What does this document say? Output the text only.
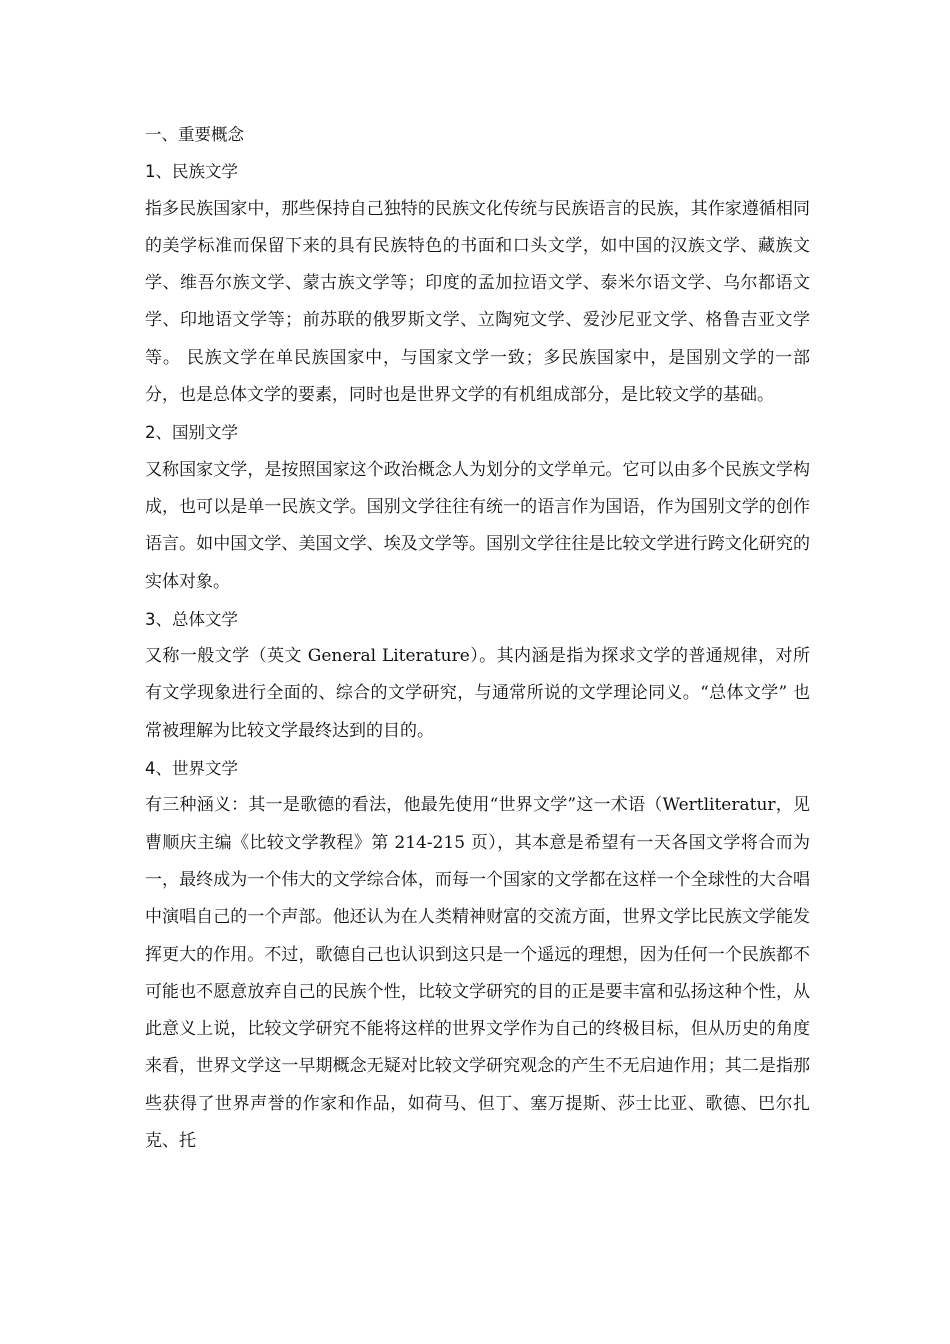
一、重要概念

1、民族文学

指多民族国家中，那些保持自己独特的民族文化传统与民族语言的民族，其作家遵循相同的美学标准而保留下来的具有民族特色的书面和口头文学，如中国的汉族文学、藏族文学、维吾尔族文学、蒙古族文学等；印度的孟加拉语文学、泰米尔语文学、乌尔都语文学、印地语文学等；前苏联的俄罗斯文学、立陶宛文学、爱沙尼亚文学、格鲁吉亚文学等。 民族文学在单民族国家中，与国家文学一致；多民族国家中，是国别文学的一部分，也是总体文学的要素，同时也是世界文学的有机组成部分，是比较文学的基础。

2、国别文学

又称国家文学，是按照国家这个政治概念人为划分的文学单元。它可以由多个民族文学构成，也可以是单一民族文学。国别文学往往有统一的语言作为国语，作为国别文学的创作语言。如中国文学、美国文学、埃及文学等。国别文学往往是比较文学进行跨文化研究的实体对象。

3、总体文学

又称一般文学（英文 General Literature）。其内涵是指为探求文学的普通规律，对所有文学现象进行全面的、综合的文学研究，与通常所说的文学理论同义。“总体文学” 也常被理解为比较文学最终达到的目的。

4、世界文学

有三种涵义：其一是歌德的看法，他最先使用“世界文学”这一术语（Wertliteratur，见曹顺庆主编《比较文学教程》第 214-215 页），其本意是希望有一天各国文学将合而为一，最终成为一个伟大的文学综合体，而每一个国家的文学都在这样一个全球性的大合唱中演唱自己的一个声部。他还认为在人类精神财富的交流方面，世界文学比民族文学能发挥更大的作用。不过，歌德自己也认识到这只是一个遥远的理想，因为任何一个民族都不可能也不愿意放弃自己的民族个性，比较文学研究的目的正是要丰富和弘扬这种个性，从此意义上说，比较文学研究不能将这样的世界文学作为自己的终极目标，但从历史的角度来看，世界文学这一早期概念无疑对比较文学研究观念的产生不无启迪作用；其二是指那些获得了世界声誉的作家和作品，如荷马、但丁、塞万提斯、莎士比亚、歌德、巴尔扎克、托
